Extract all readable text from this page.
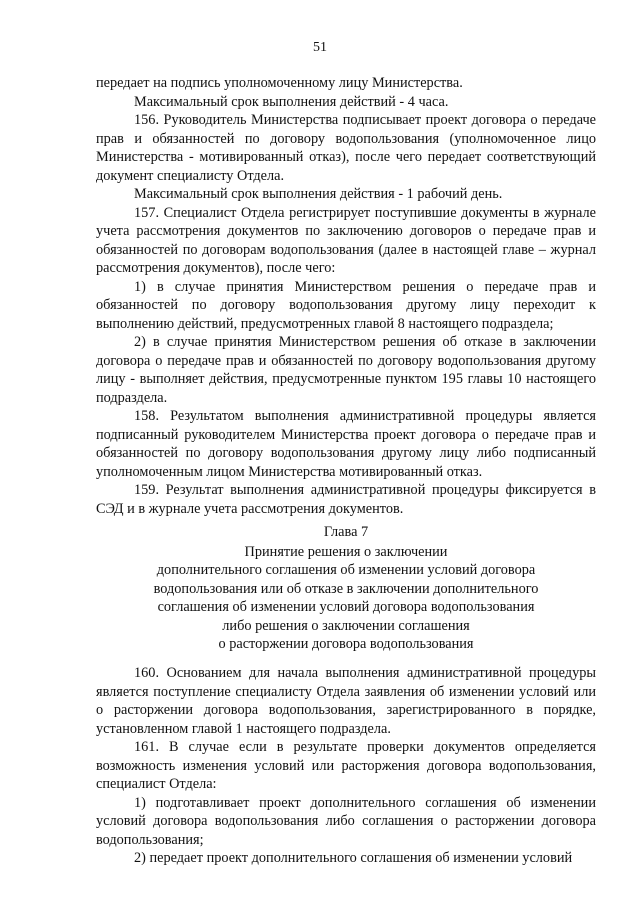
51

передает на подпись уполномоченному лицу Министерства.

Максимальный срок выполнения действий - 4 часа.

156. Руководитель Министерства подписывает проект договора о передаче прав и обязанностей по договору водопользования (уполномоченное лицо Министерства - мотивированный отказ), после чего передает соответствующий документ специалисту Отдела.

Максимальный срок выполнения действия - 1 рабочий день.

157. Специалист Отдела регистрирует поступившие документы в журнале учета рассмотрения документов по заключению договоров о передаче прав и обязанностей по договорам водопользования (далее в настоящей главе – журнал рассмотрения документов), после чего:

1) в случае принятия Министерством решения о передаче прав и обязанностей по договору водопользования другому лицу переходит к выполнению действий, предусмотренных главой 8 настоящего подраздела;

2) в случае принятия Министерством решения об отказе в заключении договора о передаче прав и обязанностей по договору водопользования другому лицу - выполняет действия, предусмотренные пунктом 195 главы 10 настоящего подраздела.

158. Результатом выполнения административной процедуры является подписанный руководителем Министерства проект договора о передаче прав и обязанностей по договору водопользования другому лицу либо подписанный уполномоченным лицом Министерства мотивированный отказ.

159. Результат выполнения административной процедуры фиксируется в СЭД и в журнале учета рассмотрения документов.

Глава 7
Принятие решения о заключении
дополнительного соглашения об изменении условий договора
водопользования или об отказе в заключении дополнительного
соглашения об изменении условий договора водопользования
либо решения о заключении соглашения
о расторжении договора водопользования

160. Основанием для начала выполнения административной процедуры является поступление специалисту Отдела заявления об изменении условий или о расторжении договора водопользования, зарегистрированного в порядке, установленном главой 1 настоящего подраздела.

161. В случае если в результате проверки документов определяется возможность изменения условий или расторжения договора водопользования, специалист Отдела:

1) подготавливает проект дополнительного соглашения об изменении условий договора водопользования либо соглашения о расторжении договора водопользования;

2) передает проект дополнительного соглашения об изменении условий
